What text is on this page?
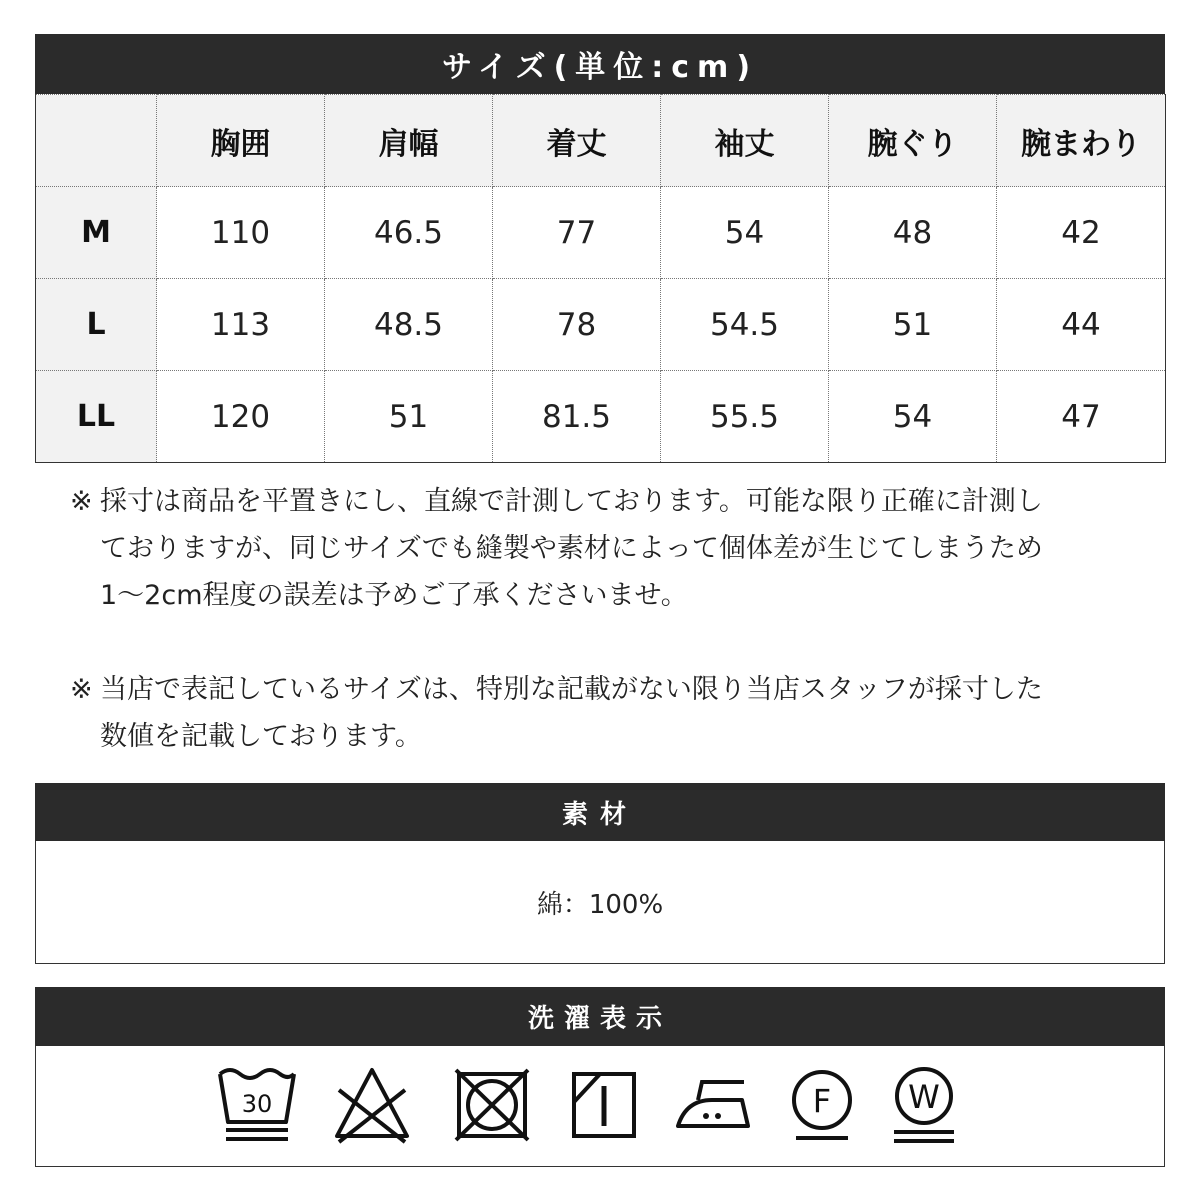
サイズ(単位:cm)
	胸囲	肩幅	着丈	袖丈	腕ぐり	腕まわり
M	110	46.5	77	54	48	42
L	113	48.5	78	54.5	51	44
LL	120	51	81.5	55.5	54	47
※ 採寸は商品を平置きにし、直線で計測しております。可能な限り正確に計測し
ておりますが、同じサイズでも縫製や素材によって個体差が生じてしまうため
1～2cm程度の誤差は予めご了承くださいませ。
※ 当店で表記しているサイズは、特別な記載がない限り当店スタッフが採寸した
数値を記載しております。
素材
綿：100%
洗濯表示
30	F W
